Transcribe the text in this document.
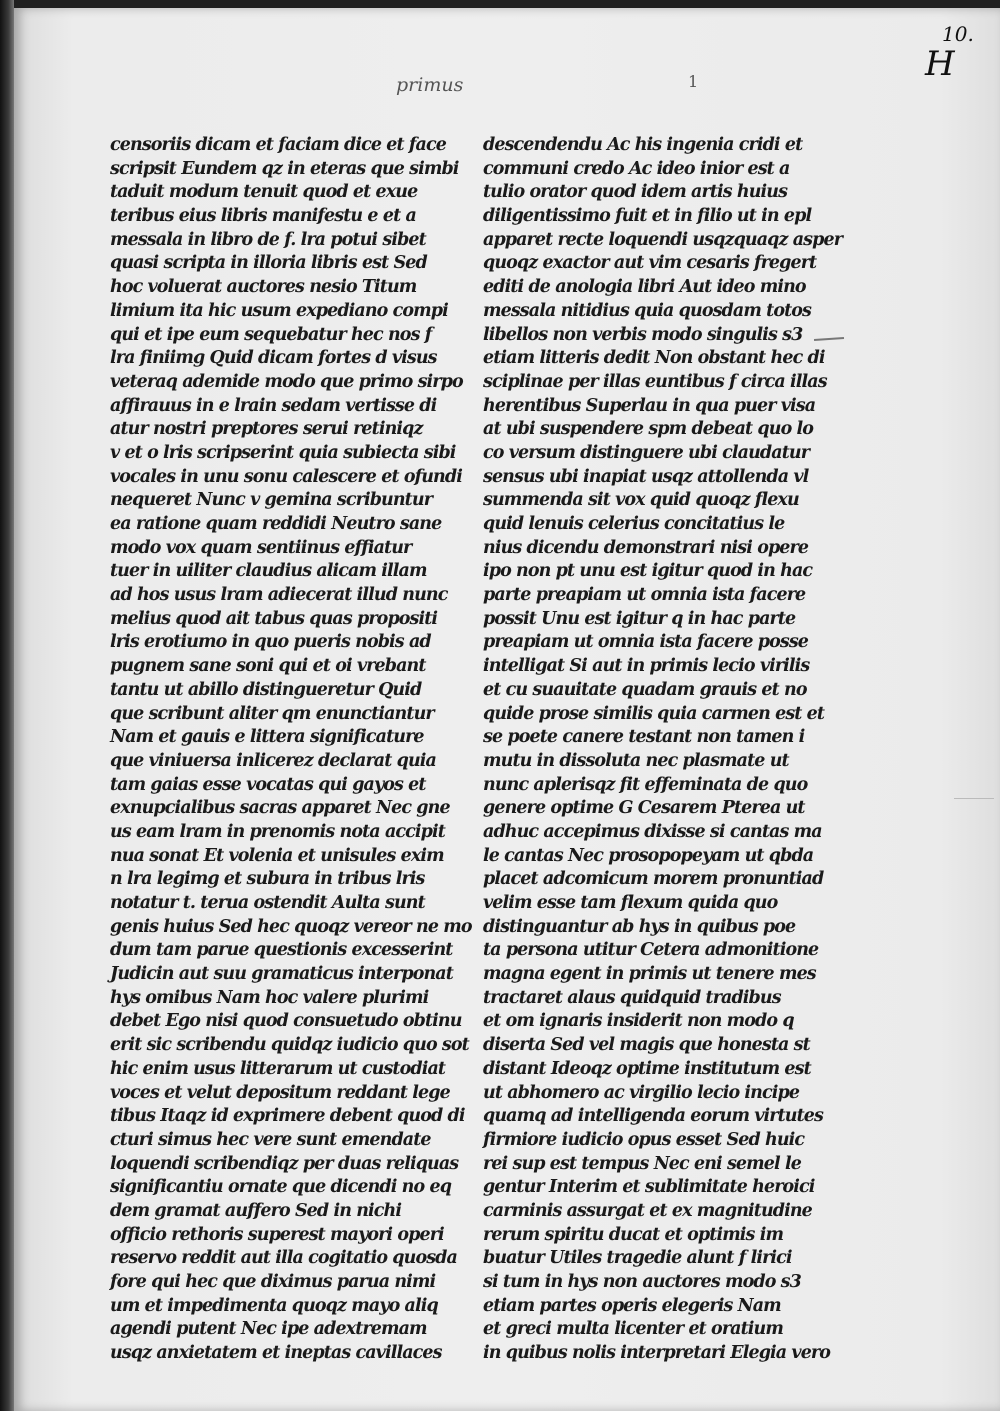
10.
H
primus	1
censoriis dicam et faciam dice et face
scripsit Eundem qz in eteras que simbi
taduit modum tenuit quod et exue
teribus eius libris manifestu e et a
messala in libro de f. lra potui sibet
quasi scripta in illoria libris est Sed
hoc voluerat auctores nesio Titum
limium ita hic usum expediano compi
qui et ipe eum sequebatur hec nos f
lra finiimg Quid dicam fortes d visus
veteraq ademide modo que primo sirpo
affirauus in e lrain sedam vertisse di
atur nostri preptores serui retiniqz
v et o lris scripserint quia subiecta sibi
vocales in unu sonu calescere et ofundi
nequeret Nunc v gemina scribuntur
ea ratione quam reddidi Neutro sane
modo vox quam sentiinus effiatur
tuer in uiliter claudius alicam illam
ad hos usus lram adiecerat illud nunc
melius quod ait tabus quas propositi
lris erotiumo in quo pueris nobis ad
pugnem sane soni qui et oi vrebant
tantu ut abillo distingueretur Quid
que scribunt aliter qm enunctiantur
Nam et gauis e littera significature
que viniuersa inlicerez declarat quia
tam gaias esse vocatas qui gayos et
exnupcialibus sacras apparet Nec gne
us eam lram in prenomis nota accipit
nua sonat Et volenia et unisules exim
n lra legimg et subura in tribus lris
notatur t. terua ostendit Aulta sunt
genis huius Sed hec quoqz vereor ne mo
dum tam parue questionis excesserint
Judicin aut suu gramaticus interponat
hys omibus Nam hoc valere plurimi
debet Ego nisi quod consuetudo obtinu
erit sic scribendu quidqz iudicio quo sot
hic enim usus litterarum ut custodiat
voces et velut depositum reddant lege
tibus Itaqz id exprimere debent quod di
cturi simus hec vere sunt emendate
loquendi scribendiqz per duas reliquas
significantiu ornate que dicendi no eq
dem gramat auffero Sed in nichi
officio rethoris superest mayori operi
reservo reddit aut illa cogitatio quosda
fore qui hec que diximus parua nimi
um et impedimenta quoqz mayo aliq
agendi putent Nec ipe adextremam
usqz anxietatem et ineptas cavillaces
descendendu Ac his ingenia cridi et
communi credo Ac ideo inior est a
tulio orator quod idem artis huius
diligentissimo fuit et in filio ut in epl
apparet recte loquendi usqzquaqz asper
quoqz exactor aut vim cesaris fregert
editi de anologia libri Aut ideo mino
messala nitidius quia quosdam totos
libellos non verbis modo singulis s3
etiam litteris dedit Non obstant hec di
sciplinae per illas euntibus f circa illas
herentibus Superlau in qua puer visa
at ubi suspendere spm debeat quo lo
co versum distinguere ubi claudatur
sensus ubi inapiat usqz attollenda vl
summenda sit vox quid quoqz flexu
quid lenuis celerius concitatius le
nius dicendu demonstrari nisi opere
ipo non pt unu est igitur quod in hac
parte preapiam ut omnia ista facere
possit Unu est igitur q in hac parte
preapiam ut omnia ista facere posse
intelligat Si aut in primis lecio virilis
et cu suauitate quadam grauis et no
quide prose similis quia carmen est et
se poete canere testant non tamen i
mutu in dissoluta nec plasmate ut
nunc aplerisqz fit effeminata de quo
genere optime G Cesarem Pterea ut
adhuc accepimus dixisse si cantas ma
le cantas Nec prosopopeyam ut qbda
placet adcomicum morem pronuntiad
velim esse tam flexum quida quo
distinguantur ab hys in quibus poe
ta persona utitur Cetera admonitione
magna egent in primis ut tenere mes
tractaret alaus quidquid tradibus
et om ignaris insiderit non modo q
diserta Sed vel magis que honesta st
distant Ideoqz optime institutum est
ut abhomero ac virgilio lecio incipe
quamq ad intelligenda eorum virtutes
firmiore iudicio opus esset Sed huic
rei sup est tempus Nec eni semel le
gentur Interim et sublimitate heroici
carminis assurgat et ex magnitudine
rerum spiritu ducat et optimis im
buatur Utiles tragedie alunt f lirici
si tum in hys non auctores modo s3
etiam partes operis elegeris Nam
et greci multa licenter et oratium
in quibus nolis interpretari Elegia vero
